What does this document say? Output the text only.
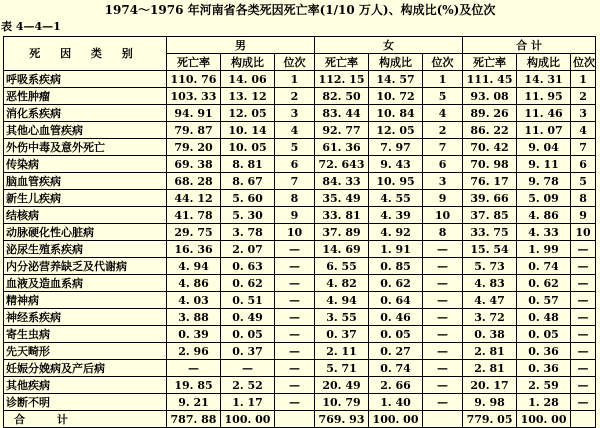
1974～1976 年河南省各类死因死亡率(1/10 万人)、构成比(%)及位次
表 4—4—1
死 因 类 别	男			女			合 计		
	死亡率	构成比	位次	死亡率	构成比	位次	死亡率	构成比	位次
呼吸系疾病	110. 76	14. 06	1	112. 15	14. 57	1	111. 45	14. 31	1
恶性肿瘤	103. 33	13. 12	2	82. 50	10. 72	5	93. 08	11. 95	2
消化系疾病	94. 91	12. 05	3	83. 44	10. 84	4	89. 26	11. 46	3
其他心血管疾病	79. 87	10. 14	4	92. 77	12. 05	2	86. 22	11. 07	4
外伤中毒及意外死亡	79. 20	10. 05	5	61. 36	7. 97	7	70. 42	9. 04	7
传染病	69. 38	8. 81	6	72. 643	9. 43	6	70. 98	9. 11	6
脑血管疾病	68. 28	8. 67	7	84. 33	10. 95	3	76. 17	9. 78	5
新生儿疾病	44. 12	5. 60	8	35. 49	4. 55	9	39. 66	5. 09	8
结核病	41. 78	5. 30	9	33. 81	4. 39	10	37. 85	4. 86	9
动脉硬化性心脏病	29. 75	3. 78	10	37. 89	4. 92	8	33. 75	4. 33	10
泌尿生殖系疾病	16. 36	2. 07	—	14. 69	1. 91	—	15. 54	1. 99	—
内分泌营养缺乏及代谢病	4. 94	0. 63	—	6. 55	0. 85	—	5. 73	0. 74	—
血液及造血系病	4. 86	0. 62	—	4. 82	0. 62	—	4. 83	0. 62	—
精神病	4. 03	0. 51	—	4. 94	0. 64	—	4. 47	0. 57	—
神经系疾病	3. 88	0. 49	—	3. 55	0. 46	—	3. 72	0. 48	—
寄生虫病	0. 39	0. 05	—	0. 37	0. 05	—	0. 38	0. 05	—
先天畸形	2. 96	0. 37	—	2. 11	0. 27	—	2. 81	0. 36	—
妊娠分娩病及产后病	—	—	—	5. 71	0. 74	—	2. 81	0. 36	—
其他疾病	19. 85	2. 52	—	20. 49	2. 66	—	20. 17	2. 59	—
诊断不明	9. 21	1. 17	—	10. 79	1. 40	—	9. 98	1. 28	—
合 计	787. 88	100. 00		769. 93	100. 00		779. 05	100. 00	
